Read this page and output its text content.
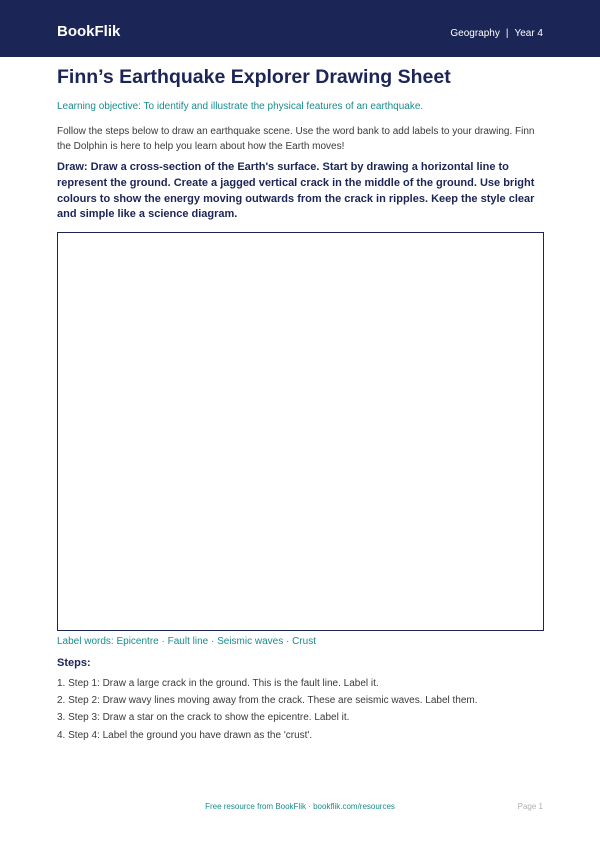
BookFlik	Geography | Year 4
Finn’s Earthquake Explorer Drawing Sheet
Learning objective: To identify and illustrate the physical features of an earthquake.
Follow the steps below to draw an earthquake scene. Use the word bank to add labels to your drawing. Finn the Dolphin is here to help you learn about how the Earth moves!
Draw: Draw a cross-section of the Earth's surface. Start by drawing a horizontal line to represent the ground. Create a jagged vertical crack in the middle of the ground. Use bright colours to show the energy moving outwards from the crack in ripples. Keep the style clear and simple like a science diagram.
Label words: Epicentre · Fault line · Seismic waves · Crust
Steps:
1. Step 1: Draw a large crack in the ground. This is the fault line. Label it.
2. Step 2: Draw wavy lines moving away from the crack. These are seismic waves. Label them.
3. Step 3: Draw a star on the crack to show the epicentre. Label it.
4. Step 4: Label the ground you have drawn as the 'crust'.
Free resource from BookFlik · bookflik.com/resources	Page 1
